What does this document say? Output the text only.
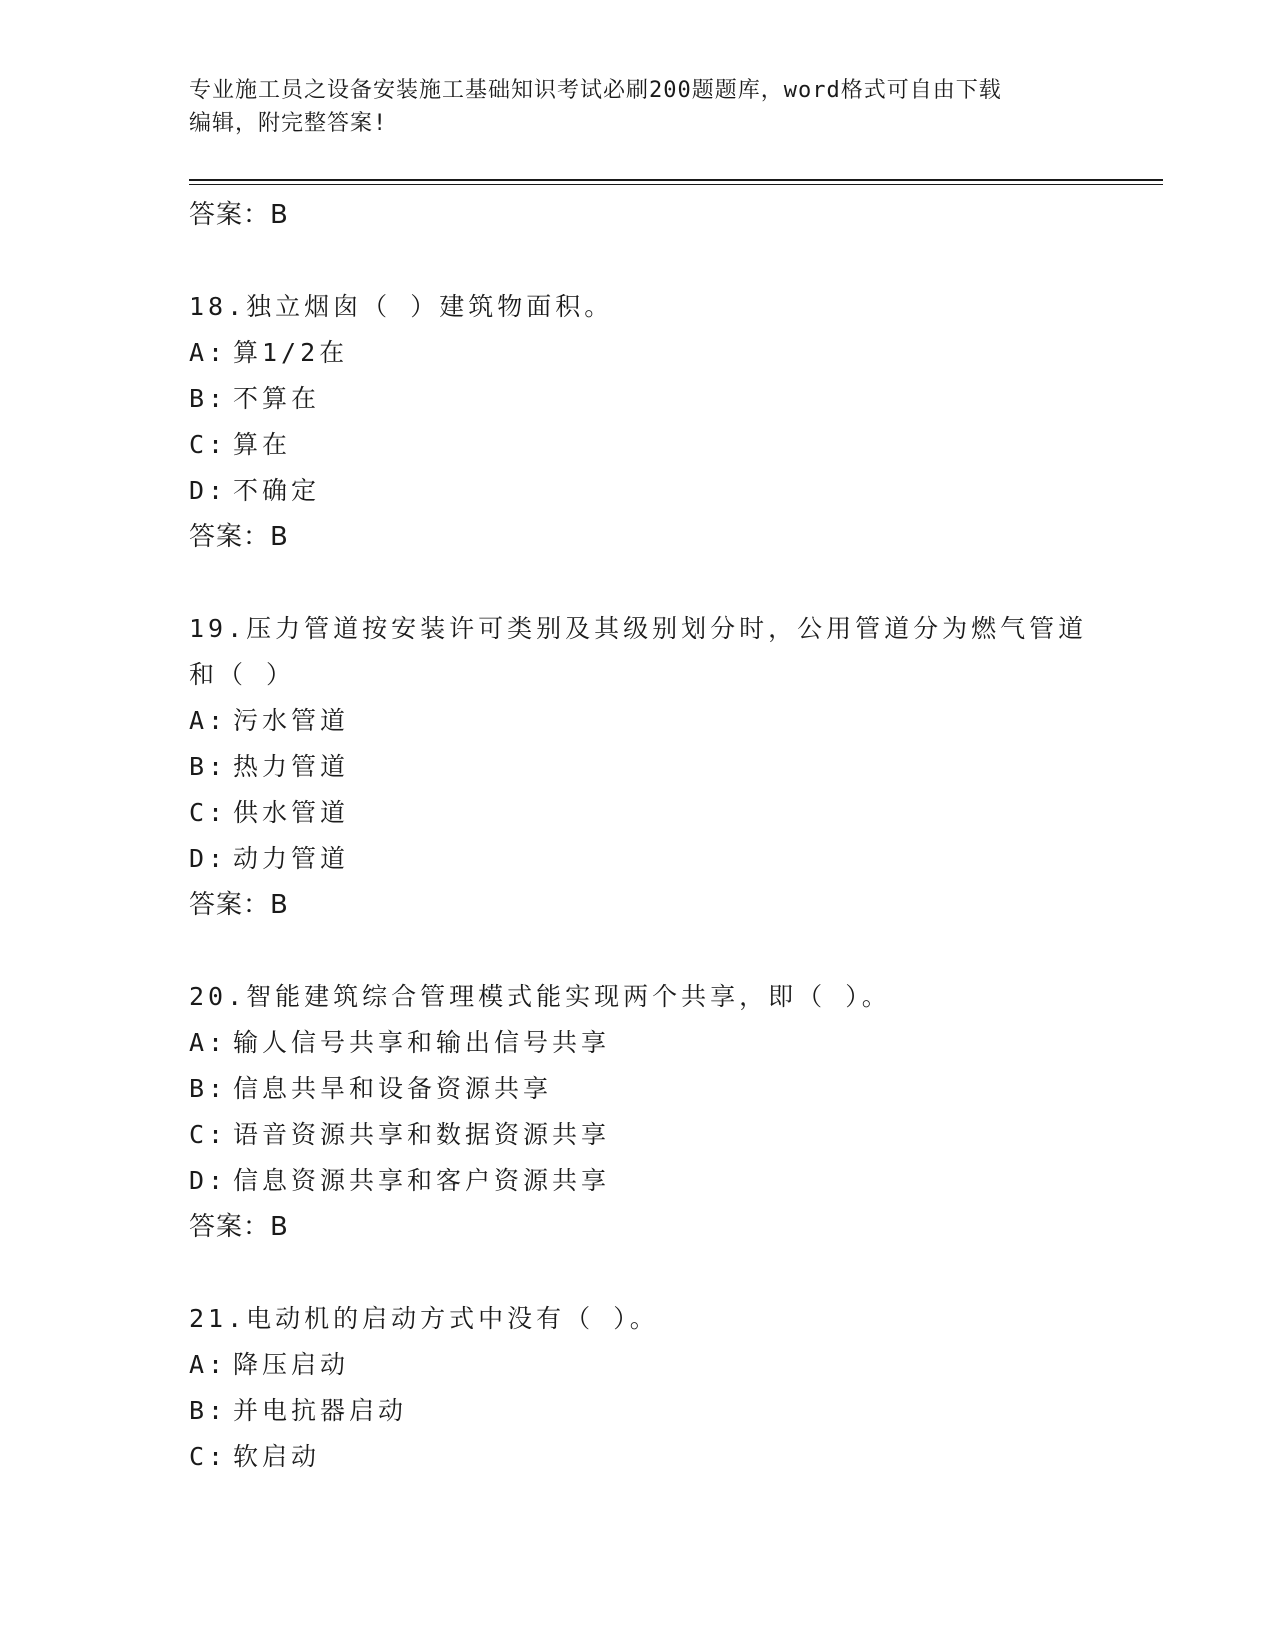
专业施工员之设备安装施工基础知识考试必刷200题题库，word格式可自由下载
编辑，附完整答案!
答案：B
18.独立烟囱（ ）建筑物面积。
A: 算1/2在
B: 不算在
C: 算在
D: 不确定
答案：B
19.压力管道按安装许可类别及其级别划分时，公用管道分为燃气管道和（ ）
A: 污水管道
B: 热力管道
C: 供水管道
D: 动力管道
答案：B
20.智能建筑综合管理模式能实现两个共享，即（ ）。
A: 输人信号共享和输出信号共享
B: 信息共旱和设备资源共享
C: 语音资源共享和数据资源共享
D: 信息资源共享和客户资源共享
答案：B
21.电动机的启动方式中没有（ ）。
A: 降压启动
B: 并电抗器启动
C: 软启动
